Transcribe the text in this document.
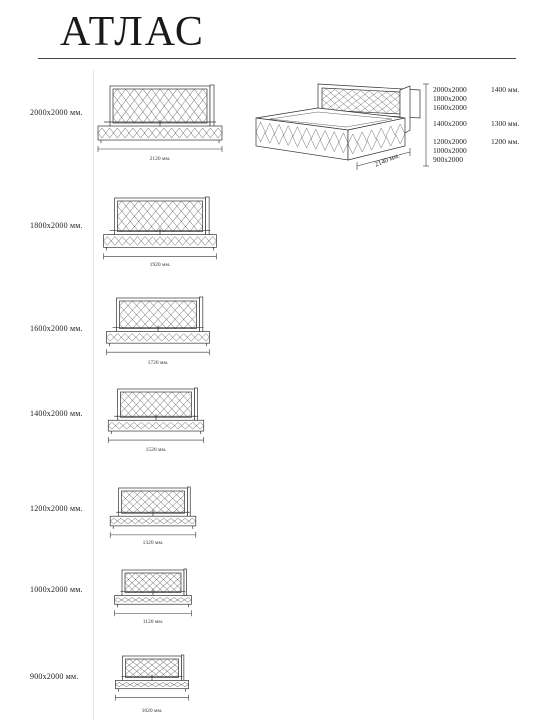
АТЛАС
2000x2000 мм.
2120 мм.
1800x2000 мм.
1920 мм.
1600x2000 мм.
1720 мм.
1400x2000 мм.
1520 мм.
1200x2000 мм.
1320 мм.
1000x2000 мм.
1120 мм.
900x2000 мм.
1020 мм.
2140 мм.
2000x2000
1800x2000
1600x2000
1400 мм.
1400x2000	1300 мм.
1200x2000
1000x2000
900x2000
1200 мм.
